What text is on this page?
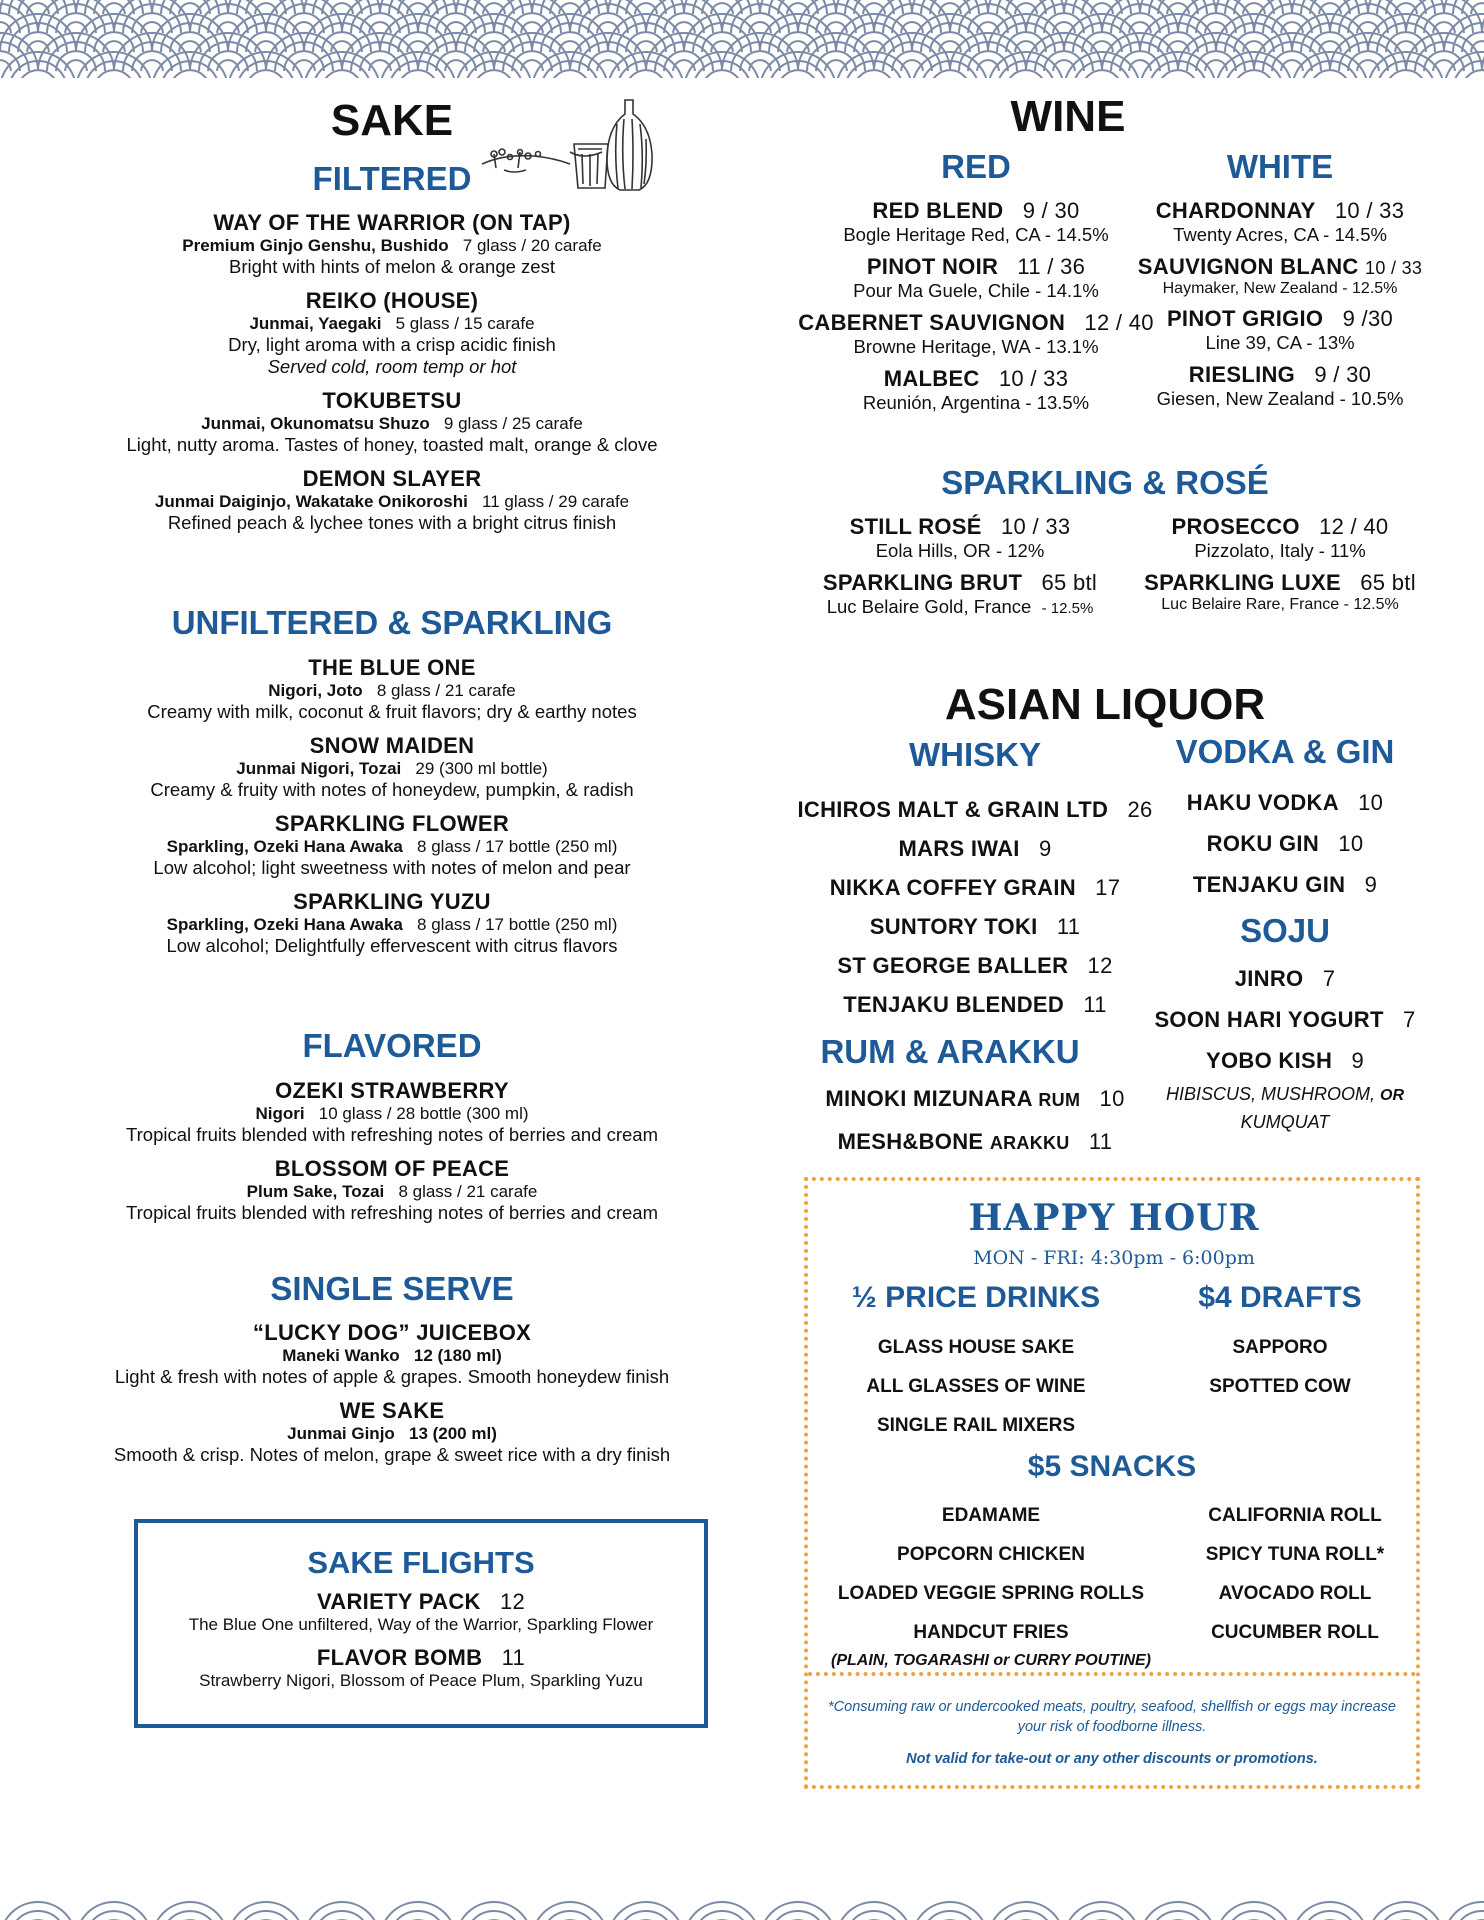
SAKE
FILTERED
WAY OF THE WARRIOR (ON TAP)
Premium Ginjo Genshu, Bushido 7 glass / 20 carafe
Bright with hints of melon & orange zest
REIKO (HOUSE)
Junmai, Yaegaki 5 glass / 15 carafe
Dry, light aroma with a crisp acidic finish
Served cold, room temp or hot
TOKUBETSU
Junmai, Okunomatsu Shuzo 9 glass / 25 carafe
Light, nutty aroma. Tastes of honey, toasted malt, orange & clove
DEMON SLAYER
Junmai Daiginjo, Wakatake Onikoroshi 11 glass / 29 carafe
Refined peach & lychee tones with a bright citrus finish
UNFILTERED & SPARKLING
THE BLUE ONE
Nigori, Joto 8 glass / 21 carafe
Creamy with milk, coconut & fruit flavors; dry & earthy notes
SNOW MAIDEN
Junmai Nigori, Tozai 29 (300 ml bottle)
Creamy & fruity with notes of honeydew, pumpkin, & radish
SPARKLING FLOWER
Sparkling, Ozeki Hana Awaka 8 glass / 17 bottle (250 ml)
Low alcohol; light sweetness with notes of melon and pear
SPARKLING YUZU
Sparkling, Ozeki Hana Awaka 8 glass / 17 bottle (250 ml)
Low alcohol; Delightfully effervescent with citrus flavors
FLAVORED
OZEKI STRAWBERRY
Nigori 10 glass / 28 bottle (300 ml)
Tropical fruits blended with refreshing notes of berries and cream
BLOSSOM OF PEACE
Plum Sake, Tozai 8 glass / 21 carafe
Tropical fruits blended with refreshing notes of berries and cream
SINGLE SERVE
“LUCKY DOG” JUICEBOX
Maneki Wanko 12 (180 ml)
Light & fresh with notes of apple & grapes. Smooth honeydew finish
WE SAKE
Junmai Ginjo 13 (200 ml)
Smooth & crisp. Notes of melon, grape & sweet rice with a dry finish
SAKE FLIGHTS
VARIETY PACK 12
The Blue One unfiltered, Way of the Warrior, Sparkling Flower
FLAVOR BOMB 11
Strawberry Nigori, Blossom of Peace Plum, Sparkling Yuzu
WINE
RED
RED BLEND 9 / 30
Bogle Heritage Red, CA - 14.5%
PINOT NOIR 11 / 36
Pour Ma Guele, Chile - 14.1%
CABERNET SAUVIGNON 12 / 40
Browne Heritage, WA - 13.1%
MALBEC 10 / 33
Reunión, Argentina - 13.5%
WHITE
CHARDONNAY 10 / 33
Twenty Acres, CA - 14.5%
SAUVIGNON BLANC 10 / 33
Haymaker, New Zealand - 12.5%
PINOT GRIGIO 9 /30
Line 39, CA - 13%
RIESLING 9 / 30
Giesen, New Zealand - 10.5%
SPARKLING & ROSÉ
STILL ROSÉ 10 / 33
Eola Hills, OR - 12%
SPARKLING BRUT 65 btl
Luc Belaire Gold, France - 12.5%
PROSECCO 12 / 40
Pizzolato, Italy - 11%
SPARKLING LUXE 65 btl
Luc Belaire Rare, France - 12.5%
ASIAN LIQUOR
WHISKY
ICHIROS MALT & GRAIN LTD 26
MARS IWAI 9
NIKKA COFFEY GRAIN 17
SUNTORY TOKI 11
ST GEORGE BALLER 12
TENJAKU BLENDED 11
RUM & ARAKKU
MINOKI MIZUNARA RUM 10
MESH&BONE ARAKKU 11
VODKA & GIN
HAKU VODKA 10
ROKU GIN 10
TENJAKU GIN 9
SOJU
JINRO 7
SOON HARI YOGURT 7
YOBO KISH 9
HIBISCUS, MUSHROOM, OR
KUMQUAT
HAPPY HOUR
MON - FRI: 4:30pm - 6:00pm
½ PRICE DRINKS
GLASS HOUSE SAKE
ALL GLASSES OF WINE
SINGLE RAIL MIXERS
$4 DRAFTS
SAPPORO
SPOTTED COW
$5 SNACKS
EDAMAME
POPCORN CHICKEN
LOADED VEGGIE SPRING ROLLS
HANDCUT FRIES
(PLAIN, TOGARASHI or CURRY POUTINE)
CALIFORNIA ROLL
SPICY TUNA ROLL*
AVOCADO ROLL
CUCUMBER ROLL
*Consuming raw or undercooked meats, poultry, seafood, shellfish or eggs may increase your risk of foodborne illness.
Not valid for take-out or any other discounts or promotions.
